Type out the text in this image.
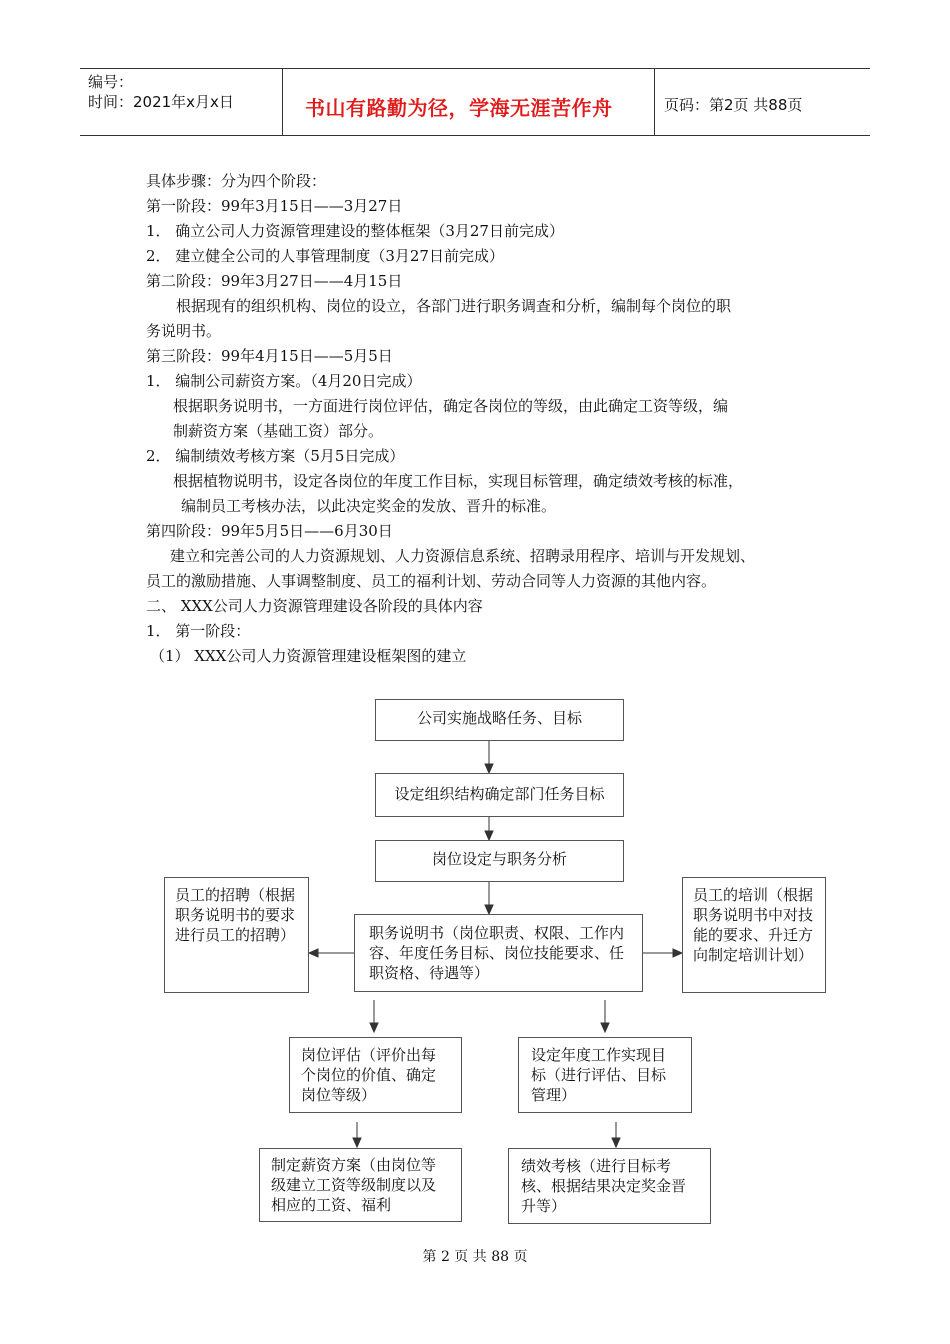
编号：
时间：2021年x月x日	书山有路勤为径，学海无涯苦作舟	页码：第2页 共88页
具体步骤：分为四个阶段：
第一阶段：99年3月15日——3月27日
1． 确立公司人力资源管理建设的整体框架（3月27日前完成）
2． 建立健全公司的人事管理制度（3月27日前完成）
第二阶段：99年3月27日——4月15日
根据现有的组织机构、岗位的设立，各部门进行职务调查和分析，编制每个岗位的职
务说明书。
第三阶段：99年4月15日——5月5日
1． 编制公司薪资方案。（4月20日完成）
根据职务说明书，一方面进行岗位评估，确定各岗位的等级，由此确定工资等级，编
制薪资方案（基础工资）部分。
2． 编制绩效考核方案（5月5日完成）
根据植物说明书，设定各岗位的年度工作目标，实现目标管理，确定绩效考核的标准，
编制员工考核办法，以此决定奖金的发放、晋升的标准。
第四阶段：99年5月5日——6月30日
建立和完善公司的人力资源规划、人力资源信息系统、招聘录用程序、培训与开发规划、
员工的激励措施、人事调整制度、员工的福利计划、劳动合同等人力资源的其他内容。
二、 XXX公司人力资源管理建设各阶段的具体内容
1． 第一阶段：
（1） XXX公司人力资源管理建设框架图的建立
公司实施战略任务、目标
设定组织结构确定部门任务目标
岗位设定与职务分析
职务说明书（岗位职责、权限、工作内容、年度任务目标、岗位技能要求、任职资格、待遇等）
员工的招聘（根据职务说明书的要求进行员工的招聘）
员工的培训（根据职务说明书中对技能的要求、升迁方向制定培训计划）
岗位评估（评价出每个岗位的价值、确定岗位等级）
设定年度工作实现目标（进行评估、目标管理）
制定薪资方案（由岗位等级建立工资等级制度以及相应的工资、福利
绩效考核（进行目标考核、根据结果决定奖金晋升等）
第 2 页 共 88 页
